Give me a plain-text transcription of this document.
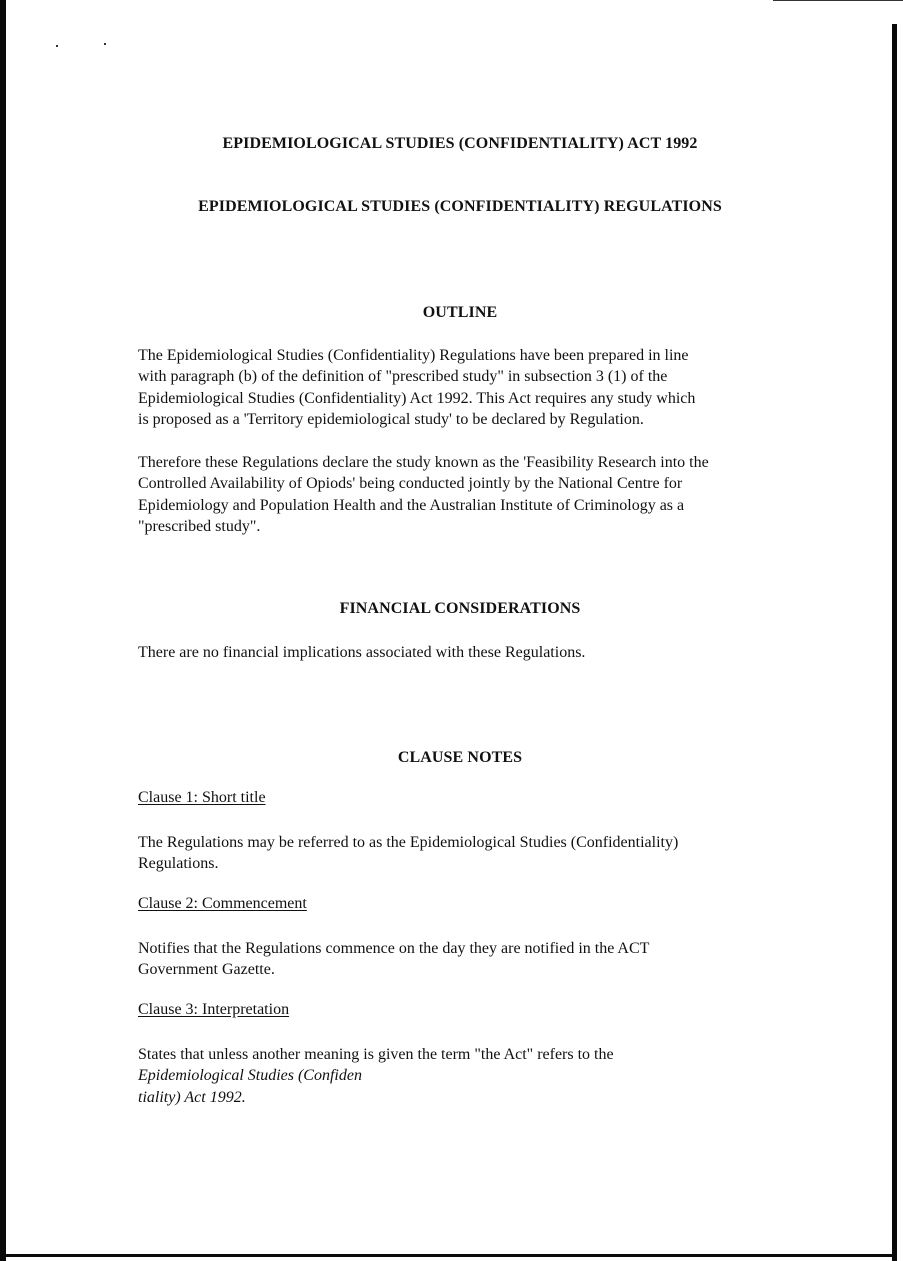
EPIDEMIOLOGICAL STUDIES (CONFIDENTIALITY) ACT 1992
EPIDEMIOLOGICAL STUDIES (CONFIDENTIALITY) REGULATIONS
OUTLINE

The Epidemiological Studies (Confidentiality) Regulations have been prepared in line
with paragraph (b) of the definition of "prescribed study" in subsection 3 (1) of the
Epidemiological Studies (Confidentiality) Act 1992. This Act requires any study which
is proposed as a 'Territory epidemiological study' to be declared by Regulation.

Therefore these Regulations declare the study known as the 'Feasibility Research into the
Controlled Availability of Opiods' being conducted jointly by the National Centre for
Epidemiology and Population Health and the Australian Institute of Criminology as a
"prescribed study".

FINANCIAL CONSIDERATIONS

There are no financial implications associated with these Regulations.

CLAUSE NOTES

Clause 1: Short title

The Regulations may be referred to as the Epidemiological Studies (Confidentiality)
Regulations.

Clause 2: Commencement

Notifies that the Regulations commence on the day they are notified in the ACT
Government Gazette.

Clause 3: Interpretation

States that unless another meaning is given the term "the Act" refers to the
Epidemiological Studies (Confiden
tiality) Act 1992.
